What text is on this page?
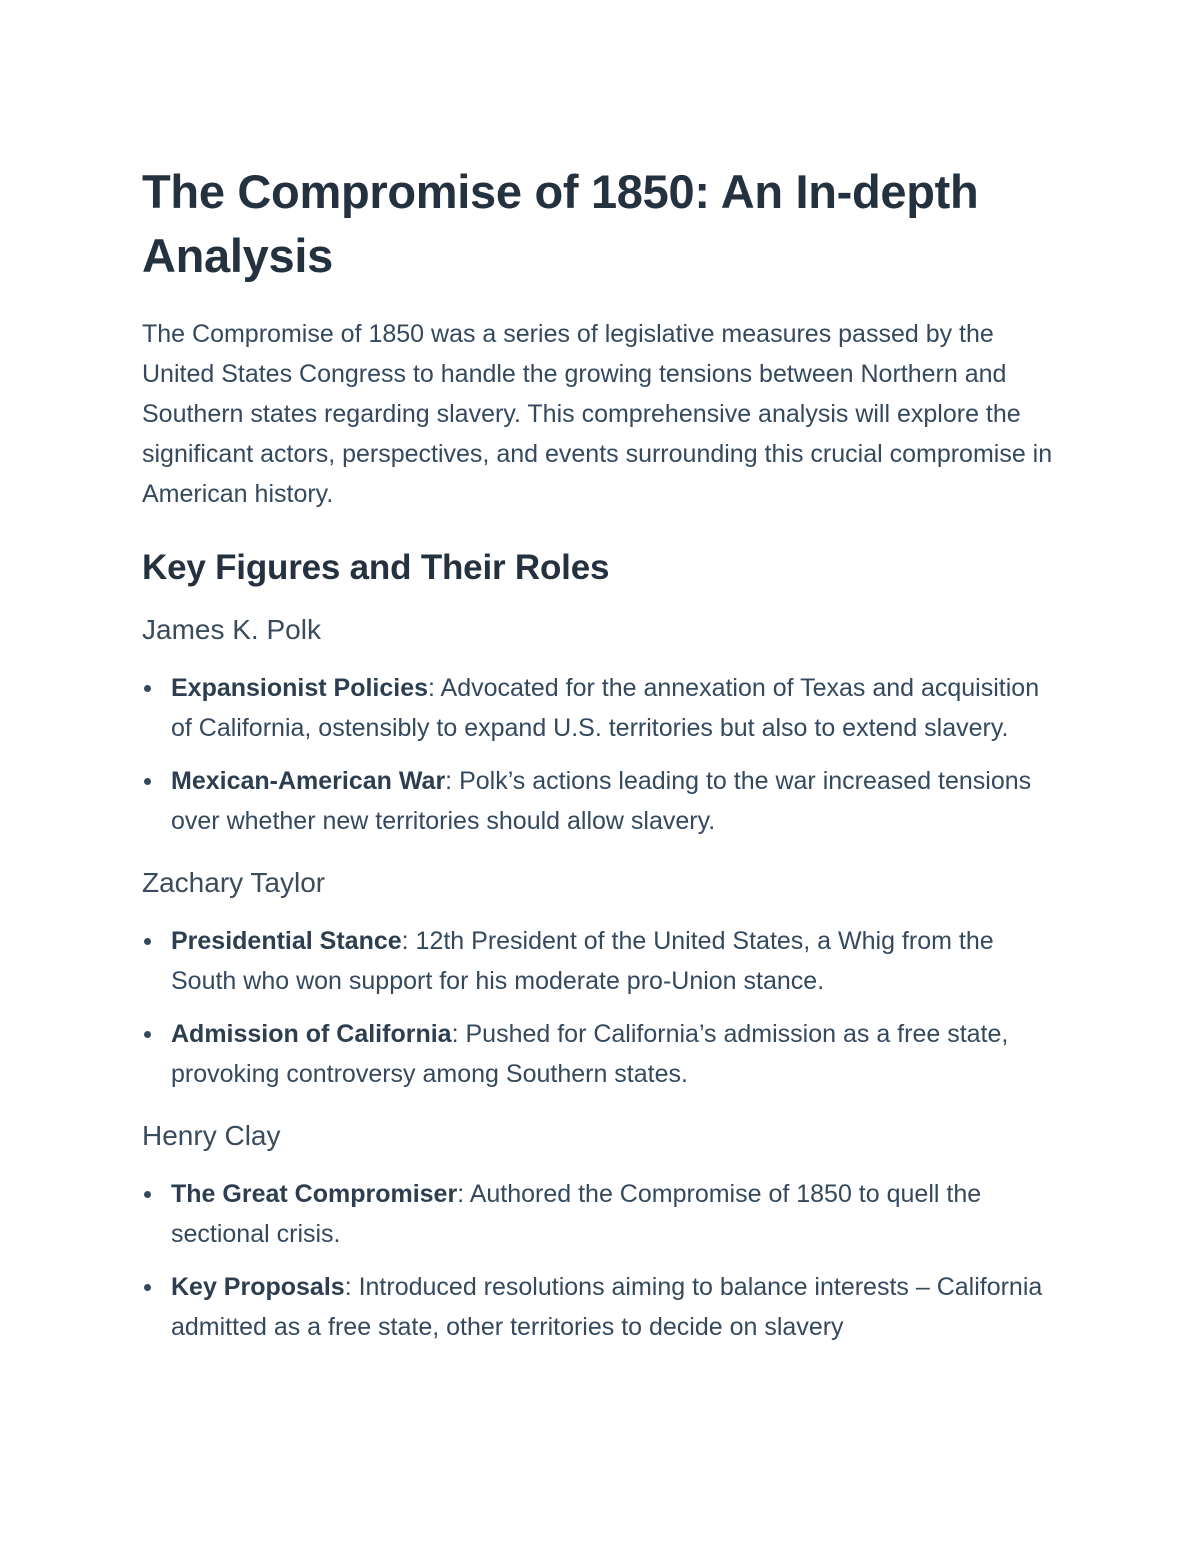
The Compromise of 1850: An In-depth Analysis

The Compromise of 1850 was a series of legislative measures passed by the United States Congress to handle the growing tensions between Northern and Southern states regarding slavery. This comprehensive analysis will explore the significant actors, perspectives, and events surrounding this crucial compromise in American history.

Key Figures and Their Roles
James K. Polk
Expansionist Policies: Advocated for the annexation of Texas and acquisition of California, ostensibly to expand U.S. territories but also to extend slavery.
Mexican-American War: Polk’s actions leading to the war increased tensions over whether new territories should allow slavery.
Zachary Taylor
Presidential Stance: 12th President of the United States, a Whig from the South who won support for his moderate pro-Union stance.
Admission of California: Pushed for California’s admission as a free state, provoking controversy among Southern states.
Henry Clay
The Great Compromiser: Authored the Compromise of 1850 to quell the sectional crisis.
Key Proposals: Introduced resolutions aiming to balance interests – California admitted as a free state, other territories to decide on slavery
